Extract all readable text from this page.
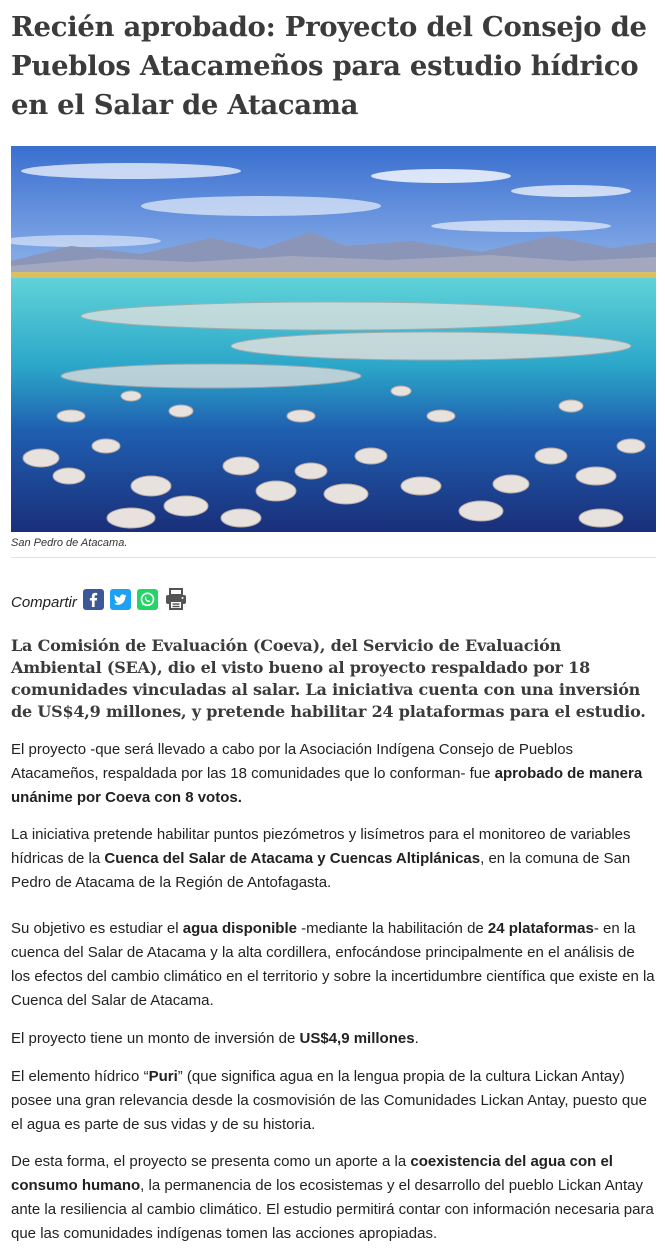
Recién aprobado: Proyecto del Consejo de Pueblos Atacameños para estudio hídrico en el Salar de Atacama
San Pedro de Atacama.
Compartir

La Comisión de Evaluación (Coeva), del Servicio de Evaluación Ambiental (SEA), dio el visto bueno al proyecto respaldado por 18 comunidades vinculadas al salar. La iniciativa cuenta con una inversión de US$4,9 millones, y pretende habilitar 24 plataformas para el estudio.

El proyecto -que será llevado a cabo por la Asociación Indígena Consejo de Pueblos Atacameños, respaldada por las 18 comunidades que lo conforman- fue aprobado de manera unánime por Coeva con 8 votos.

La iniciativa pretende habilitar puntos piezómetros y lisímetros para el monitoreo de variables hídricas de la Cuenca del Salar de Atacama y Cuencas Altiplánicas, en la comuna de San Pedro de Atacama de la Región de Antofagasta.

Su objetivo es estudiar el agua disponible -mediante la habilitación de 24 plataformas- en la cuenca del Salar de Atacama y la alta cordillera, enfocándose principalmente en el análisis de los efectos del cambio climático en el territorio y sobre la incertidumbre científica que existe en la Cuenca del Salar de Atacama.

El proyecto tiene un monto de inversión de US$4,9 millones.

El elemento hídrico “Puri” (que significa agua en la lengua propia de la cultura Lickan Antay) posee una gran relevancia desde la cosmovisión de las Comunidades Lickan Antay, puesto que el agua es parte de sus vidas y de su historia.

De esta forma, el proyecto se presenta como un aporte a la coexistencia del agua con el consumo humano, la permanencia de los ecosistemas y el desarrollo del pueblo Lickan Antay ante la resiliencia al cambio climático. El estudio permitirá contar con información necesaria para que las comunidades indígenas tomen las acciones apropiadas.
